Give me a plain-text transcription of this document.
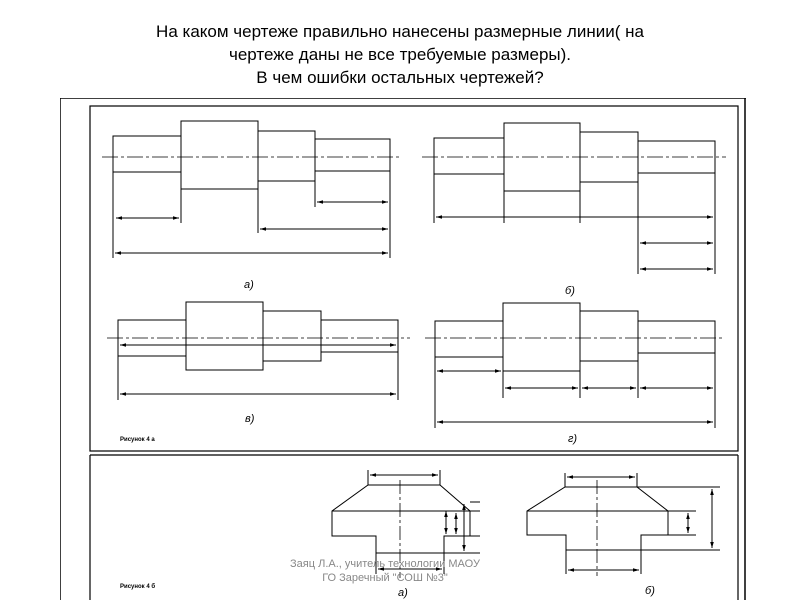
На каком чертеже правильно нанесены размерные линии( на
чертеже даны не все требуемые размеры).
В чем ошибки остальных чертежей?
а)	б)
в)
г)
а)	б)
Рисунок 4 а
Рисунок 4 б
Заяц Л.А., учитель технологии МАОУ
ГО Заречный "СОШ №3"
